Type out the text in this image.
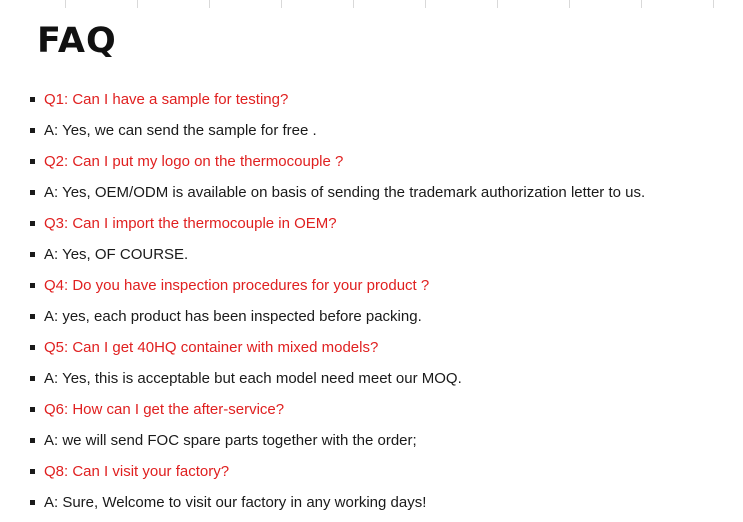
FAQ
Q1: Can I have a sample for testing?
A: Yes, we can send the sample for free .
Q2: Can I put my logo on the thermocouple ?
A: Yes, OEM/ODM is available on basis of sending the trademark authorization letter to us.
Q3: Can I import the thermocouple in OEM?
A: Yes, OF COURSE.
Q4: Do you have inspection procedures for your product ?
A: yes, each product has been inspected before packing.
Q5: Can I get 40HQ container with mixed models?
A: Yes, this is acceptable but each model need meet our MOQ.
Q6: How can I get the after-service?
A: we will send FOC spare parts together with the order;
Q8: Can I visit your factory?
A: Sure, Welcome to visit our factory in any working days!
